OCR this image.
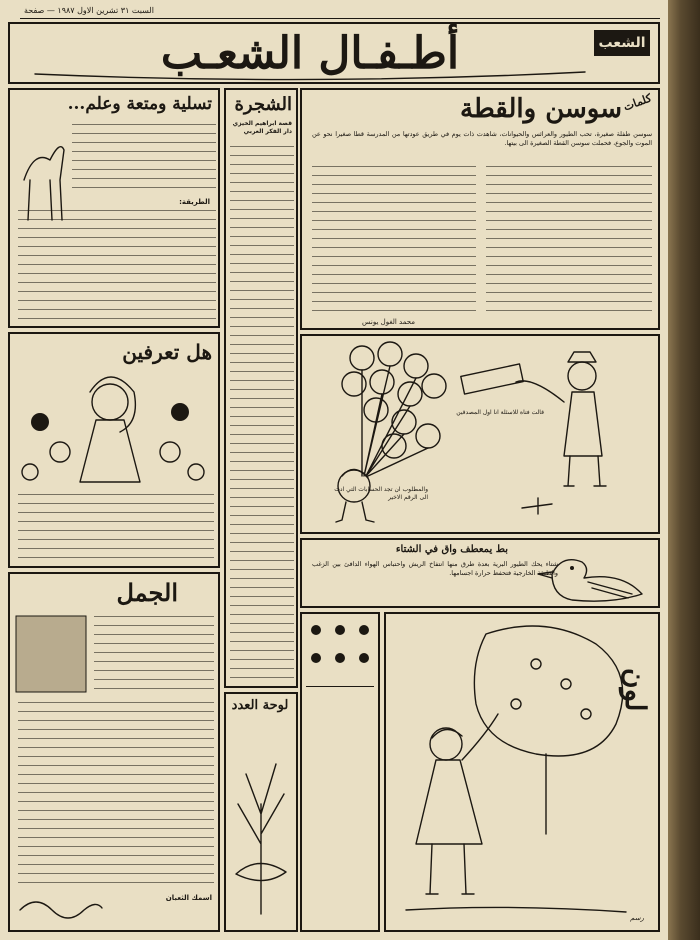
السبت ٣١ تشرين الاول ١٩٨٧ — صفحة
الشعب
أطـفـال الشعـب
سوسن والقطة كلمات
سوسن طفلة صغيرة، تحب الطيور والعرائس والحيوانات، شاهدت ذات يوم في طريق عودتها من المدرسة قطا صغيرا نحو عن الموت والجوع، فحملت سوسن القطة الصغيرة الى بيتها.
محمد الغول يونس
والمطلوب ان تجد الحسابات التي ادت الى الرقم الاخير
قالت فتاة للاسئلة انا اول المصدقين
بط يمعطف واق في الشتاء
شتاء يحك الطيور البرية بعدة طرق منها انتفاخ الريش واحتباس الهواء الدافئ بين الزغب والطبقة الخارجية فتحفظ حرارة اجسامها.
لون
رسم
الشجرة
قصة ابراهيم الخيزي دار الفكر العربي
لوحة العدد
تسلية ومتعة وعلم...
الطريقة:
هل تعرفين
الجمل
اسمك الثعبان
